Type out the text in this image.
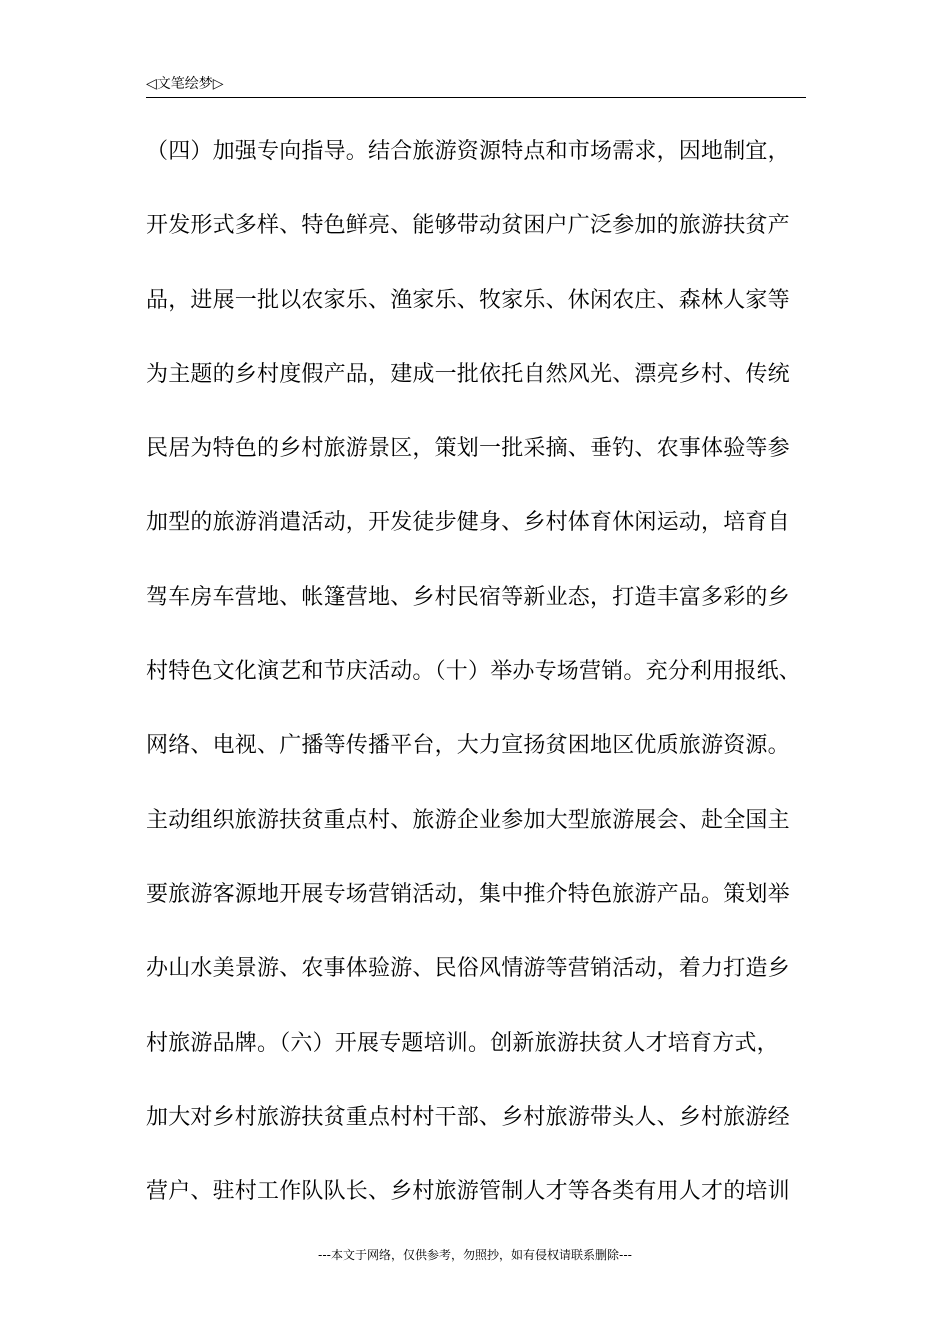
◁文笔绘梦▷
（四）加强专向指导。结合旅游资源特点和市场需求，因地制宜，
开发形式多样、特色鲜亮、能够带动贫困户广泛参加的旅游扶贫产
品，进展一批以农家乐、渔家乐、牧家乐、休闲农庄、森林人家等
为主题的乡村度假产品，建成一批依托自然风光、漂亮乡村、传统
民居为特色的乡村旅游景区，策划一批采摘、垂钓、农事体验等参
加型的旅游消遣活动，开发徒步健身、乡村体育休闲运动，培育自
驾车房车营地、帐篷营地、乡村民宿等新业态，打造丰富多彩的乡
村特色文化演艺和节庆活动。（十）举办专场营销。充分利用报纸、
网络、电视、广播等传播平台，大力宣扬贫困地区优质旅游资源。
主动组织旅游扶贫重点村、旅游企业参加大型旅游展会、赴全国主
要旅游客源地开展专场营销活动，集中推介特色旅游产品。策划举
办山水美景游、农事体验游、民俗风情游等营销活动，着力打造乡
村旅游品牌。（六）开展专题培训。创新旅游扶贫人才培育方式，
加大对乡村旅游扶贫重点村村干部、乡村旅游带头人、乡村旅游经
营户、驻村工作队队长、乡村旅游管制人才等各类有用人才的培训
---本文于网络，仅供参考，勿照抄，如有侵权请联系删除---
